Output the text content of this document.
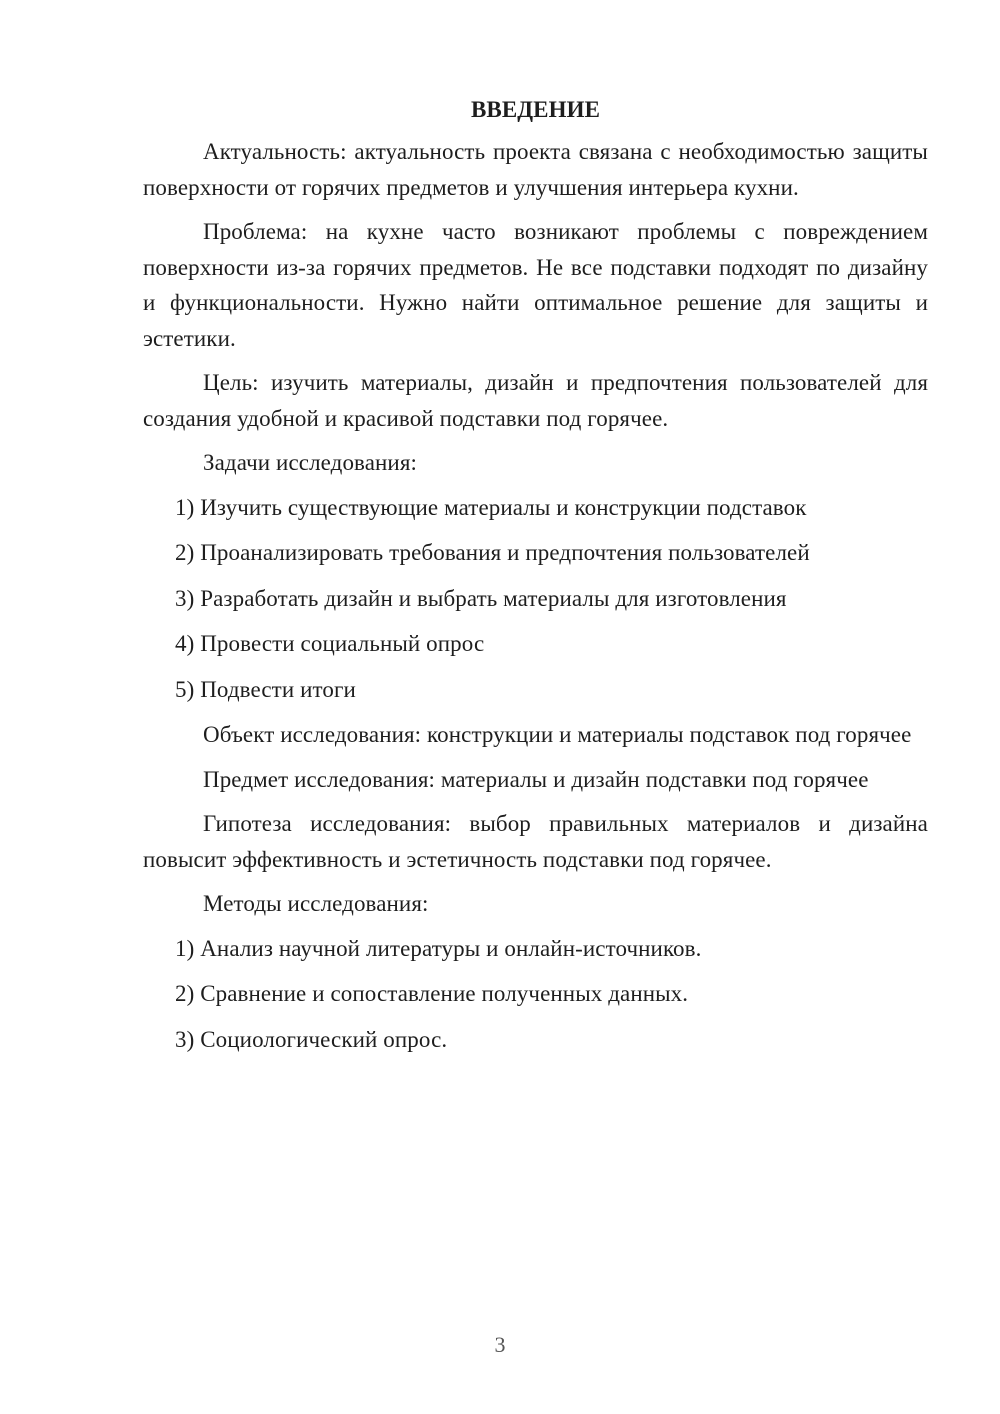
ВВЕДЕНИЕ

Актуальность: актуальность проекта связана с необходимостью защиты поверхности от горячих предметов и улучшения интерьера кухни.

Проблема: на кухне часто возникают проблемы с повреждением поверхности из-за горячих предметов. Не все подставки подходят по дизайну и функциональности. Нужно найти оптимальное решение для защиты и эстетики.

Цель: изучить материалы, дизайн и предпочтения пользователей для создания удобной и красивой подставки под горячее.

Задачи исследования:

1) Изучить существующие материалы и конструкции подставок
2) Проанализировать требования и предпочтения пользователей
3) Разработать дизайн и выбрать материалы для изготовления
4) Провести социальный опрос
5) Подвести итоги

Объект исследования: конструкции и материалы подставок под горячее

Предмет исследования: материалы и дизайн подставки под горячее

Гипотеза исследования: выбор правильных материалов и дизайна повысит эффективность и эстетичность подставки под горячее.

Методы исследования:

1) Анализ научной литературы и онлайн-источников.
2) Сравнение и сопоставление полученных данных.
3) Социологический опрос.
3
